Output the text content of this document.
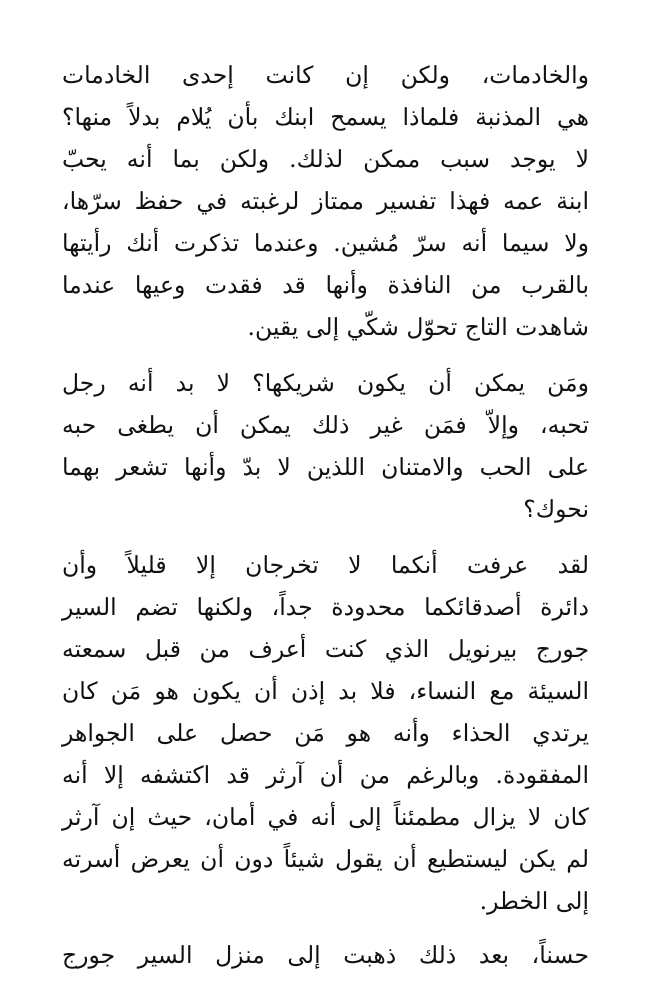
والخادمات، ولكن إن كانت إحدى الخادمات
هي المذنبة فلماذا يسمح ابنك بأن يُلام بدلاً منها؟
لا يوجد سبب ممكن لذلك. ولكن بما أنه يحبّ
ابنة عمه فهذا تفسير ممتاز لرغبته في حفظ سرّها،
ولا سيما أنه سرّ مُشين. وعندما تذكرت أنك رأيتها
بالقرب من النافذة وأنها قد فقدت وعيها عندما
شاهدت التاج تحوّل شكّي إلى يقين.
ومَن يمكن أن يكون شريكها؟ لا بد أنه رجل
تحبه، وإلاّ فمَن غير ذلك يمكن أن يطغى حبه
على الحب والامتنان اللذين لا بدّ وأنها تشعر بهما
نحوك؟
لقد عرفت أنكما لا تخرجان إلا قليلاً وأن
دائرة أصدقائكما محدودة جداً، ولكنها تضم السير
جورج بيرنويل الذي كنت أعرف من قبل سمعته
السيئة مع النساء، فلا بد إذن أن يكون هو مَن كان
يرتدي الحذاء وأنه هو مَن حصل على الجواهر
المفقودة. وبالرغم من أن آرثر قد اكتشفه إلا أنه
كان لا يزال مطمئناً إلى أنه في أمان، حيث إن آرثر
لم يكن ليستطيع أن يقول شيئاً دون أن يعرض أسرته
إلى الخطر.
حسناً، بعد ذلك ذهبت إلى منزل السير جورج
